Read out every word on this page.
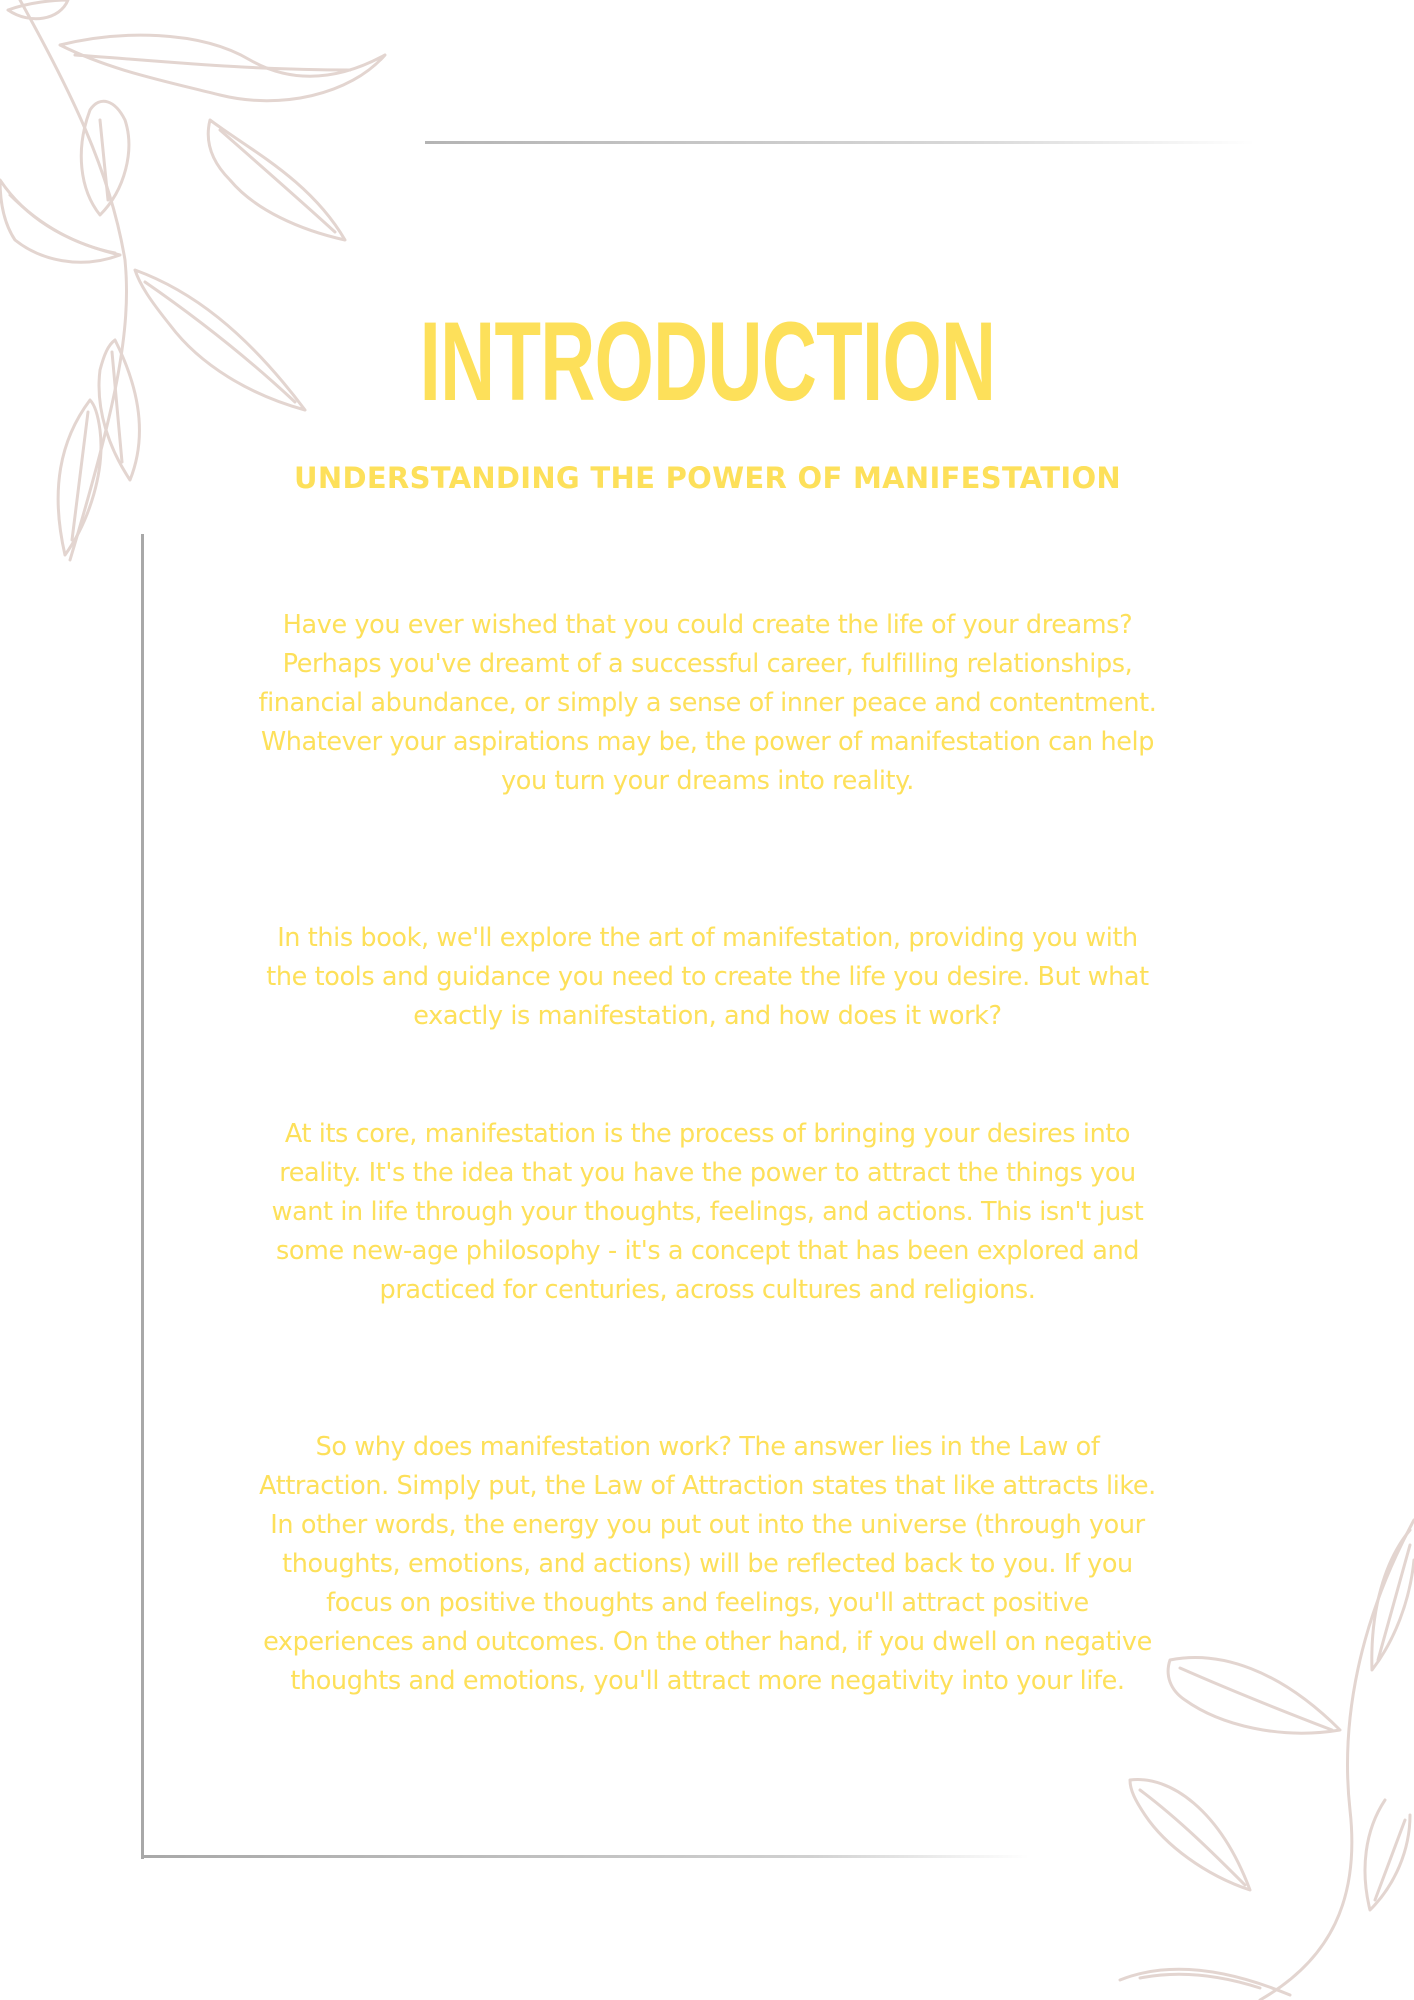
INTRODUCTION
UNDERSTANDING THE POWER OF MANIFESTATION

Have you ever wished that you could create the life of your dreams? Perhaps you've dreamt of a successful career, fulfilling relationships, financial abundance, or simply a sense of inner peace and contentment. Whatever your aspirations may be, the power of manifestation can help you turn your dreams into reality.

In this book, we'll explore the art of manifestation, providing you with the tools and guidance you need to create the life you desire. But what exactly is manifestation, and how does it work?

At its core, manifestation is the process of bringing your desires into reality. It's the idea that you have the power to attract the things you want in life through your thoughts, feelings, and actions. This isn't just some new-age philosophy - it's a concept that has been explored and practiced for centuries, across cultures and religions.

So why does manifestation work? The answer lies in the Law of Attraction. Simply put, the Law of Attraction states that like attracts like. In other words, the energy you put out into the universe (through your thoughts, emotions, and actions) will be reflected back to you. If you focus on positive thoughts and feelings, you'll attract positive experiences and outcomes. On the other hand, if you dwell on negative thoughts and emotions, you'll attract more negativity into your life.
